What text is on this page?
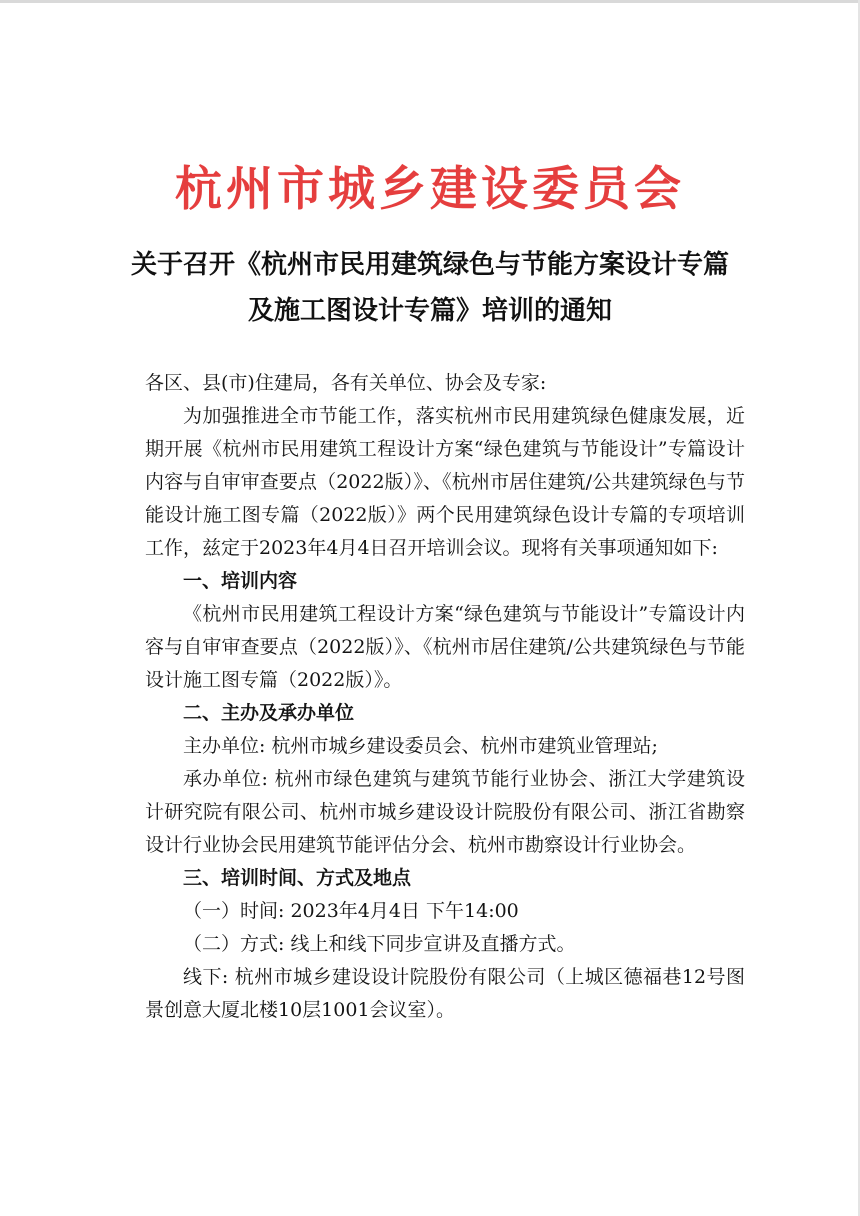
杭州市城乡建设委员会
关于召开《杭州市民用建筑绿色与节能方案设计专篇
及施工图设计专篇》培训的通知
各区、县(市)住建局，各有关单位、协会及专家:
为加强推进全市节能工作，落实杭州市民用建筑绿色健康发展，近期开展《杭州市民用建筑工程设计方案“绿色建筑与节能设计”专篇设计内容与自审审查要点（2022版）》、《杭州市居住建筑/公共建筑绿色与节能设计施工图专篇（2022版）》两个民用建筑绿色设计专篇的专项培训工作，兹定于2023年4月4日召开培训会议。现将有关事项通知如下:
一、培训内容
《杭州市民用建筑工程设计方案“绿色建筑与节能设计”专篇设计内容与自审审查要点（2022版）》、《杭州市居住建筑/公共建筑绿色与节能设计施工图专篇（2022版）》。
二、主办及承办单位
主办单位: 杭州市城乡建设委员会、杭州市建筑业管理站;
承办单位: 杭州市绿色建筑与建筑节能行业协会、浙江大学建筑设计研究院有限公司、杭州市城乡建设设计院股份有限公司、浙江省勘察设计行业协会民用建筑节能评估分会、杭州市勘察设计行业协会。
三、培训时间、方式及地点
（一）时间: 2023年4月4日 下午14:00
（二）方式: 线上和线下同步宣讲及直播方式。
线下: 杭州市城乡建设设计院股份有限公司（上城区德福巷12号图景创意大厦北楼10层1001会议室）。
